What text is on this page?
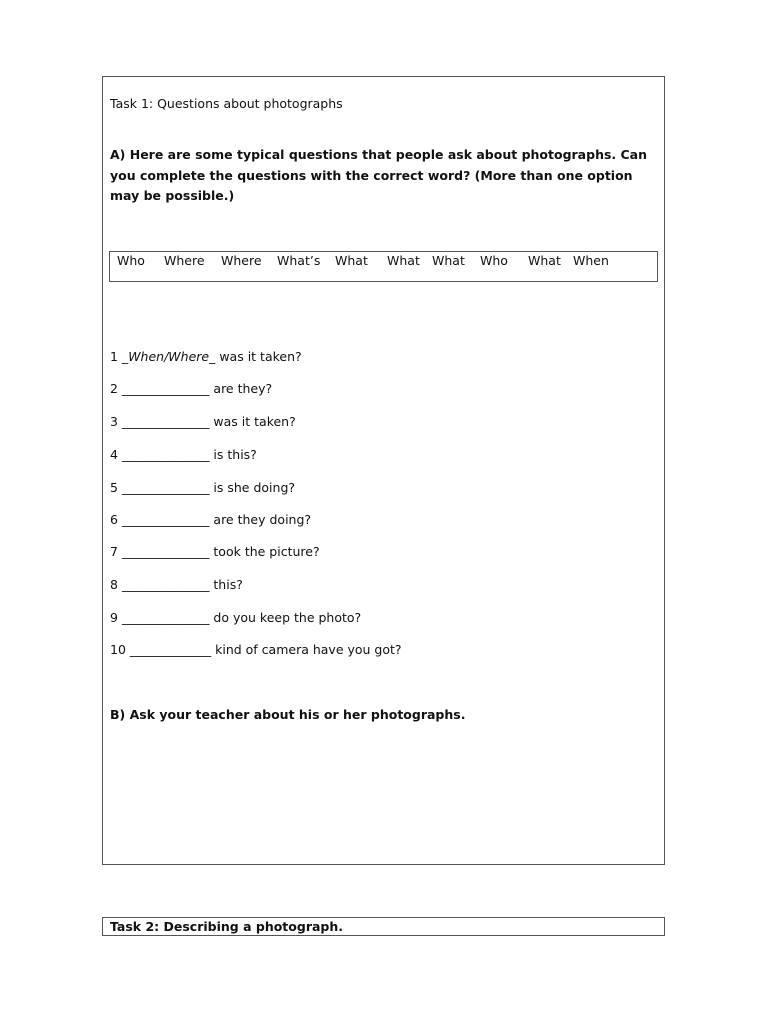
Task 1: Questions about photographs
A) Here are some typical questions that people ask about photographs. Can you complete the questions with the correct word? (More than one option may be possible.)
Who Where Where What’s What What What Who What When
1 _When/Where_ was it taken?
2 ______________ are they?
3 ______________ was it taken?
4 ______________ is this?
5 ______________ is she doing?
6 ______________ are they doing?
7 ______________ took the picture?
8 ______________ this?
9 ______________ do you keep the photo?
10 _____________ kind of camera have you got?
B) Ask your teacher about his or her photographs.
Task 2: Describing a photograph.
